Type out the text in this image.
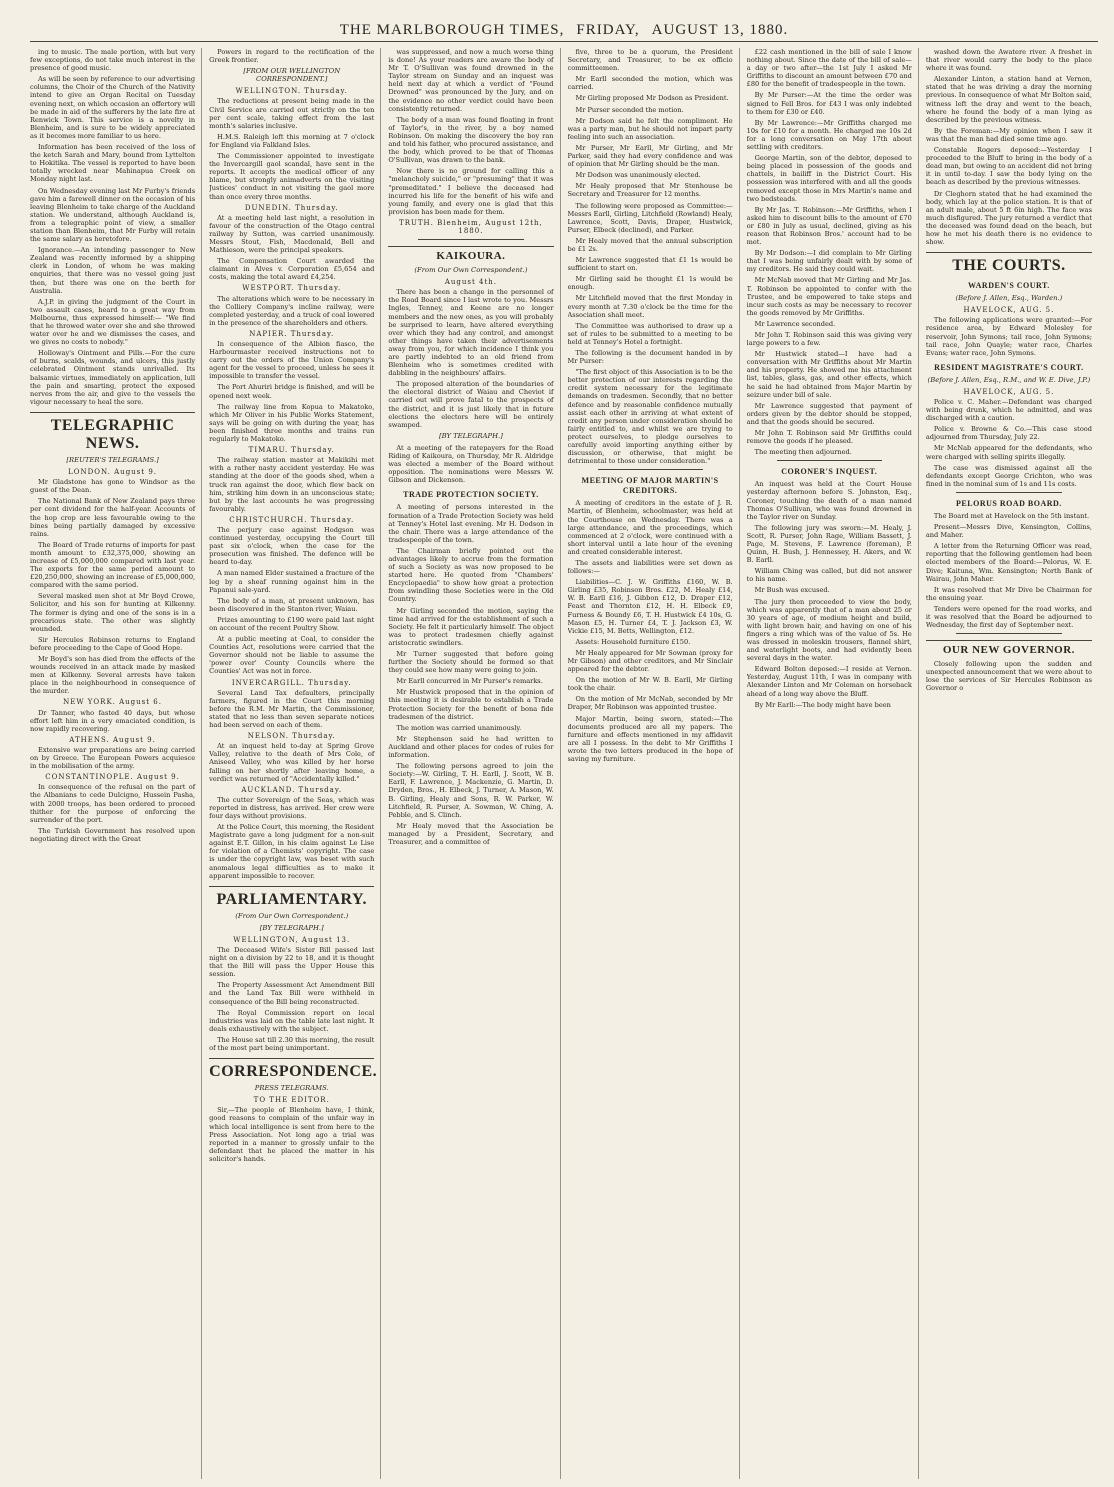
THE MARLBOROUGH TIMES, FRIDAY, AUGUST 13, 1880.

ing to music. The male portion, with but very few exceptions, do not take much interest in the presence of good music.

As will be seen by reference to our advertising columns, the Choir of the Church of the Nativity intend to give an Organ Recital on Tuesday evening next, on which occasion an offertory will be made in aid of the sufferers by the late fire at Renwick Town. This service is a novelty in Blenheim, and is sure to be widely appreciated as it becomes more familiar to us here.

Information has been received of the loss of the ketch Sarah and Mary, bound from Lyttelton to Hokitika. The vessel is reported to have been totally wrecked near Mahinapua Creek on Monday night last.

On Wednesday evening last Mr Furby's friends gave him a farewell dinner on the occasion of his leaving Blenheim to take charge of the Auckland station. We understand, although Auckland is, from a telegraphic point of view, a smaller station than Blenheim, that Mr Furby will retain the same salary as heretofore.

Ignorance.—An intending passenger to New Zealand was recently informed by a shipping clerk in London, of whom he was making enquiries, that there was no vessel going just then, but there was one on the berth for Australia.

A.J.P. in giving the judgment of the Court in two assault cases, heard to a great way from Melbourne, thus expressed himself:— "We find that he throwed water over she and she throwed water over he and we dismisses the cases, and we gives no costs to nobody."

Holloway's Ointment and Pills.—For the cure of burns, scalds, wounds, and ulcers, this justly celebrated Ointment stands unrivalled. Its balsamic virtues, immediately on application, lull the pain and smarting, protect the exposed nerves from the air, and give to the vessels the vigour necessary to heal the sore.

TELEGRAPHIC NEWS.
[REUTER'S TELEGRAMS.]
LONDON. August 9.

Mr Gladstone has gone to Windsor as the guest of the Dean.

The National Bank of New Zealand pays three per cent dividend for the half-year. Accounts of the hop crop are less favourable owing to the bines being partially damaged by excessive rains.

The Board of Trade returns of imports for past month amount to £32,375,000, showing an increase of £5,000,000 compared with last year. The exports for the same period amount to £20,250,000, showing an increase of £5,000,000, compared with the same period.

Several masked men shot at Mr Boyd Crowe, Solicitor, and his son for hunting at Kilkenny. The former is dying and one of the sons is in a precarious state. The other was slightly wounded.

Sir Hercules Robinson returns to England before proceeding to the Cape of Good Hope.

Mr Boyd's son has died from the effects of the wounds received in an attack made by masked men at Kilkenny. Several arrests have taken place in the neighbourhood in consequence of the murder.

NEW YORK. August 6.

Dr Tanner, who fasted 40 days, but whose effort left him in a very emaciated condition, is now rapidly recovering.

ATHENS. August 9.

Extensive war preparations are being carried on by Greece. The European Powers acquiesce in the mobilisation of the army.

CONSTANTINOPLE. August 9.

In consequence of the refusal on the part of the Albanians to cede Dulcigno, Hussein Pasha, with 2000 troops, has been ordered to proceed thither for the purpose of enforcing the surrender of the port.

The Turkish Government has resolved upon negotiating direct with the Great

Powers in regard to the rectification of the Greek frontier.

[FROM OUR WELLINGTON CORRESPONDENT.]
WELLINGTON. Thursday.

The reductions at present being made in the Civil Service are carried out strictly on the ten per cent scale, taking effect from the last month's salaries inclusive.

H.M.S. Raleigh left this morning at 7 o'clock for England via Falkland Isles.

The Commissioner appointed to investigate the Invercargill gaol scandal, have sent in the reports. It accepts the medical officer of any blame, but strongly animadverts on the visiting Justices' conduct in not visiting the gaol more than once every three months.

DUNEDIN. Thursday.

At a meeting held last night, a resolution in favour of the construction of the Otago central railway by Sutton, was carried unanimously. Messrs Stout, Fish, Macdonald, Bell and Mathieson, were the principal speakers.

The Compensation Court awarded the claimant in Alves v. Corporation £5,654 and costs, making the total award £4,254.

WESTPORT. Thursday.

The alterations which were to be necessary in the Colliery Company's incline railway, were completed yesterday, and a truck of coal lowered in the presence of the shareholders and others.

NAPIER. Thursday.

In consequence of the Albion fiasco, the Harbourmaster received instructions not to carry out the orders of the Union Company's agent for the vessel to proceed, unless he sees it impossible to transfer the vessel.

The Port Ahuriri bridge is finished, and will be opened next week.

The railway line from Kopua to Makatoko, which Mr Oliver in his Public Works Statement, says will be going on with during the year, has been finished three months and trains run regularly to Makatoko.

TIMARU. Thursday.

The railway station master at Makikihi met with a rather nasty accident yesterday. He was standing at the door of the goods shed, when a truck ran against the door, which flew back on him, striking him down in an unconscious state; but by the last accounts he was progressing favourably.

CHRISTCHURCH. Thursday.

The perjury case against Hodgson was continued yesterday, occupying the Court till past six o'clock, when the case for the prosecution was finished. The defence will be heard to-day.

A man named Elder sustained a fracture of the leg by a sheaf running against him in the Papanui sale-yard.

The body of a man, at present unknown, has been discovered in the Stanton river, Waiau.

Prizes amounting to £190 were paid last night on account of the recent Poultry Show.

At a public meeting at Coal, to consider the Counties Act, resolutions were carried that the Governor should not be liable to assume the 'power over' County Councils where the Counties' Act was not in force.

INVERCARGILL. Thursday.

Several Land Tax defaulters, principally farmers, figured in the Court this morning before the R.M. Mr Martin, the Commissioner, stated that no less than seven separate notices had been served on each of them.

NELSON. Thursday.

At an inquest held to-day at Spring Grove Valley, relative to the death of Mrs Cole, of Aniseed Valley, who was killed by her horse falling on her shortly after leaving home, a verdict was returned of "Accidentally killed."

AUCKLAND. Thursday.

The cutter Sovereign of the Seas, which was reported in distress, has arrived. Her crew were four days without provisions.

At the Police Court, this morning, the Resident Magistrate gave a long judgment for a non-suit against E.T. Gillon, in his claim against Le Lise for violation of a Chemists' copyright. The case is under the copyright law, was beset with such anomalous legal difficulties as to make it apparent impossible to recover.

PARLIAMENTARY.
(From Our Own Correspondent.)
[BY TELEGRAPH.]
WELLINGTON, August 13.

The Deceased Wife's Sister Bill passed last night on a division by 22 to 18, and it is thought that the Bill will pass the Upper House this session.

The Property Assessment Act Amendment Bill and the Land Tax Bill were withheld in consequence of the Bill being reconstructed.

The Royal Commission report on local industries was laid on the table late last night. It deals exhaustively with the subject.

The House sat till 2.30 this morning, the result of the most part being unimportant.

CORRESPONDENCE.
PRESS TELEGRAMS.
TO THE EDITOR.

Sir,—The people of Blenheim have, I think, good reasons to complain of the unfair way in which local intelligence is sent from here to the Press Association. Not long ago a trial was reported in a manner to grossly unfair to the defendant that he placed the matter in his solicitor's hands.

was suppressed, and now a much worse thing is done! As your readers are aware the body of Mr T. O'Sullivan was found drowned in the Taylor stream on Sunday and an inquest was held next day at which a verdict of "Found Drowned" was pronounced by the Jury, and on the evidence no other verdict could have been consistently returned.

The body of a man was found floating in front of Taylor's, in the river, by a boy named Robinson. On making the discovery the boy ran and told his father, who procured assistance, and the body, which proved to be that of Thomas O'Sullivan, was drawn to the bank.

Now there is no ground for calling this a "melancholy suicide," or "presuming" that it was "premeditated." I believe the deceased had incurred his life for the benefit of his wife and young family, and every one is glad that this provision has been made for them.

TRUTH. Blenheim, August 12th, 1880.
KAIKOURA.
(From Our Own Correspondent.)
August 4th.

There has been a change in the personnel of the Road Board since I last wrote to you. Messrs Ingles, Tenney, and Keene are no longer members and the new ones, as you will probably be surprised to learn, have altered everything over which they had any control, and amongst other things have taken their advertisements away from you, for which incidence I think you are partly indebted to an old friend from Blenheim who is sometimes credited with dabbling in the neighbours' affairs.

The proposed alteration of the boundaries of the electoral district of Waiau and Cheviot if carried out will prove fatal to the prospects of the district, and it is just likely that in future elections the electors here will be entirely swamped.

[BY TELEGRAPH.]

At a meeting of the ratepayers for the Road Riding of Kaikoura, on Thursday, Mr R. Aldridge was elected a member of the Board without opposition. The nominations were Messrs W. Gibson and Dickenson.

TRADE PROTECTION SOCIETY.

A meeting of persons interested in the formation of a Trade Protection Society was held at Tenney's Hotel last evening. Mr H. Dodson in the chair. There was a large attendance of the tradespeople of the town.

The Chairman briefly pointed out the advantages likely to accrue from the formation of such a Society as was now proposed to be started here. He quoted from "Chambers' Encyclopaedia" to show how great a protection from swindling these Societies were in the Old Country.

Mr Girling seconded the motion, saying the time had arrived for the establishment of such a Society. He felt it particularly himself. The object was to protect tradesmen chiefly against aristocratic swindlers.

Mr Turner suggested that before going further the Society should be formed so that they could see how many were going to join.

Mr Earll concurred in Mr Purser's remarks.

Mr Hustwick proposed that in the opinion of this meeting it is desirable to establish a Trade Protection Society for the benefit of bona fide tradesmen of the district.

The motion was carried unanimously.

Mr Stephenson said he had written to Auckland and other places for codes of rules for information.

The following persons agreed to join the Society:—W. Girling, T. H. Earll, J. Scott, W. B. Earll, F. Lawrence, J. Mackenzie, G. Martin, D. Dryden, Bros., H. Elbeck, J. Turner, A. Mason, W. B. Girling, Healy and Sons, R. W. Parker, W. Litchfield, R. Purser, A. Sowman, W. Ching, A. Pebble, and S. Clinch.

Mr Healy moved that the Association be managed by a President, Secretary, and Treasurer, and a committee of

five, three to be a quorum, the President Secretary, and Treasurer, to be ex officio committeemen.

Mr Earll seconded the motion, which was carried.

Mr Girling proposed Mr Dodson as President.

Mr Purser seconded the motion.

Mr Dodson said he felt the compliment. He was a party man, but he should not impart party feeling into such an association.

Mr Purser, Mr Earll, Mr Girling, and Mr Parker, said they had every confidence and was of opinion that Mr Girling should be the man.

Mr Dodson was unanimously elected.

Mr Healy proposed that Mr Stenhouse be Secretary and Treasurer for 12 months.

The following were proposed as Committee:—Messrs Earll, Girling, Litchfield (Rowland) Healy, Lawrence, Scott, Davis, Draper, Hustwick, Purser, Elbeck (declined), and Parker.

Mr Healy moved that the annual subscription be £1 2s.

Mr Lawrence suggested that £1 1s would be sufficient to start on.

Mr Girling said he thought £1 1s would be enough.

Mr Litchfield moved that the first Monday in every month at 7.30 o'clock be the time for the Association shall meet.

The Committee was authorised to draw up a set of rules to be submitted to a meeting to be held at Tenney's Hotel a fortnight.

The following is the document handed in by Mr Purser:

"The first object of this Association is to be the better protection of our interests regarding the credit system necessary for the legitimate demands on tradesmen. Secondly, that no better defence and by reasonable confidence mutually assist each other in arriving at what extent of credit any person under consideration should be fairly entitled to, and whilst we are trying to protect ourselves, to pledge ourselves to carefully avoid importing anything either by discussion, or otherwise, that might be detrimental to those under consideration."

MEETING OF MAJOR MARTIN'S CREDITORS.

A meeting of creditors in the estate of J. R. Martin, of Blenheim, schoolmaster, was held at the Courthouse on Wednesday. There was a large attendance, and the proceedings, which commenced at 2 o'clock, were continued with a short interval until a late hour of the evening and created considerable interest.

The assets and liabilities were set down as follows:—

Liabilities—C. J. W. Griffiths £160, W. B. Girling £35, Robinson Bros. £22, M. Healy £14, W. B. Earll £16, J. Gibbon £12, D. Draper £12, Feast and Thornton £12, H. H. Elbeck £9, Furness & Boundy £6, T. H. Hustwick £4 10s, G. Mason £5, H. Turner £4, T. J. Jackson £3, W. Vickie £15, M. Betts, Wellington, £12.

Assets: Household furniture £150.

Mr Healy appeared for Mr Sowman (proxy for Mr Gibson) and other creditors, and Mr Sinclair appeared for the debtor.

On the motion of Mr W. B. Earll, Mr Girling took the chair.

On the motion of Mr McNab, seconded by Mr Draper, Mr Robinson was appointed trustee.

Major Martin, being sworn, stated:—The documents produced are all my papers. The furniture and effects mentioned in my affidavit are all I possess. In the debt to Mr Griffiths I wrote the two letters produced in the hope of saving my furniture.

£22 cash mentioned in the bill of sale I know nothing about. Since the date of the bill of sale—a day or two after—the 1st July I asked Mr Griffiths to discount an amount between £70 and £80 for the benefit of tradespeople in the town.

By Mr Purser:—At the time the order was signed to Fell Bros. for £43 I was only indebted to them for £30 or £40.

By Mr Lawrence:—Mr Griffiths charged me 10s for £10 for a month. He charged me 10s 2d for a long conversation on May 17th about settling with creditors.

George Martin, son of the debtor, deposed to being placed in possession of the goods and chattels, in bailiff in the District Court. His possession was interfered with and all the goods removed except those in Mrs Martin's name and two bedsteads.

By Mr Jas. T. Robinson:—Mr Griffiths, when I asked him to discount bills to the amount of £70 or £80 in July as usual, declined, giving as his reason that Robinson Bros.' account had to be met.

By Mr Dodson:—I did complain to Mr Girling that I was being unfairly dealt with by some of my creditors. He said they could wait.

Mr McNab moved that Mr Girling and Mr Jas. T. Robinson be appointed to confer with the Trustee, and be empowered to take steps and incur such costs as may be necessary to recover the goods removed by Mr Griffiths.

Mr Lawrence seconded.

Mr John T. Robinson said this was giving very large powers to a few.

Mr Hustwick stated—I have had a conversation with Mr Griffiths about Mr Martin and his property. He showed me his attachment list, tables, glass, gas, and other effects, which he said he had obtained from Major Martin by seizure under bill of sale.

Mr Lawrence suggested that payment of orders given by the debtor should be stopped, and that the goods should be secured.

Mr John T. Robinson said Mr Griffiths could remove the goods if he pleased.

The meeting then adjourned.

CORONER'S INQUEST.

An inquest was held at the Court House yesterday afternoon before S. Johnston, Esq., Coroner, touching the death of a man named Thomas O'Sullivan, who was found drowned in the Taylor river on Sunday.

The following jury was sworn:—M. Healy, J. Scott, R. Purser, John Rage, William Bassett, J. Page, M. Stevens, F. Lawrence (foreman), P. Quinn, H. Bush, J. Hennessey, H. Akers, and W. B. Earll.

William Ching was called, but did not answer to his name.

Mr Bush was excused.

The jury then proceeded to view the body, which was apparently that of a man about 25 or 30 years of age, of medium height and build, with light brown hair, and having on one of his fingers a ring which was of the value of 5s. He was dressed in moleskin trousers, flannel shirt, and waterlight boots, and had evidently been several days in the water.

Edward Bolton deposed:—I reside at Vernon. Yesterday, August 11th, I was in company with Alexander Linton and Mr Coleman on horseback ahead of a long way above the Bluff.

By Mr Earll:—The body might have been

washed down the Awatere river. A freshet in that river would carry the body to the place where it was found.

Alexander Linton, a station hand at Vernon, stated that he was driving a dray the morning previous. In consequence of what Mr Bolton said, witness left the dray and went to the beach, where he found the body of a man lying as described by the previous witness.

By the Foreman:—My opinion when I saw it was that the man had died some time ago.

Constable Rogers deposed:—Yesterday I proceeded to the Bluff to bring in the body of a dead man, but owing to an accident did not bring it in until to-day. I saw the body lying on the beach as described by the previous witnesses.

Dr Cleghorn stated that he had examined the body, which lay at the police station. It is that of an adult male, about 5 ft 6in high. The face was much disfigured. The jury returned a verdict that the deceased was found dead on the beach, but how he met his death there is no evidence to show.

THE COURTS.
WARDEN'S COURT.
(Before J. Allen, Esq., Warden.)
HAVELOCK, AUG. 5.

The following applications were granted:—For residence area, by Edward Molesley for reservoir, John Symons; tail race, John Symons; tail race, John Quayle; water race, Charles Evans; water race, John Symons.

RESIDENT MAGISTRATE'S COURT.
(Before J. Allen, Esq., R.M., and W. E. Dive, J.P.)
HAVELOCK, AUG. 5.

Police v. C. Maher.—Defendant was charged with being drunk, which he admitted, and was discharged with a caution.

Police v. Browne & Co.—This case stood adjourned from Thursday, July 22.

Mr McNab appeared for the defendants, who were charged with selling spirits illegally.

The case was dismissed against all the defendants except George Crichton, who was fined in the nominal sum of 1s and 11s costs.

PELORUS ROAD BOARD.

The Board met at Havelock on the 5th instant.

Present—Messrs Dive, Kensington, Collins, and Maher.

A letter from the Returning Officer was read, reporting that the following gentlemen had been elected members of the Board:—Pelorus, W. E. Dive; Kaituna, Wm. Kensington; North Bank of Wairau, John Maher.

It was resolved that Mr Dive be Chairman for the ensuing year.

Tenders were opened for the road works, and it was resolved that the Board be adjourned to Wednesday, the first day of September next.

OUR NEW GOVERNOR.

Closely following upon the sudden and unexpected announcement that we were about to lose the services of Sir Hercules Robinson as Governor o
